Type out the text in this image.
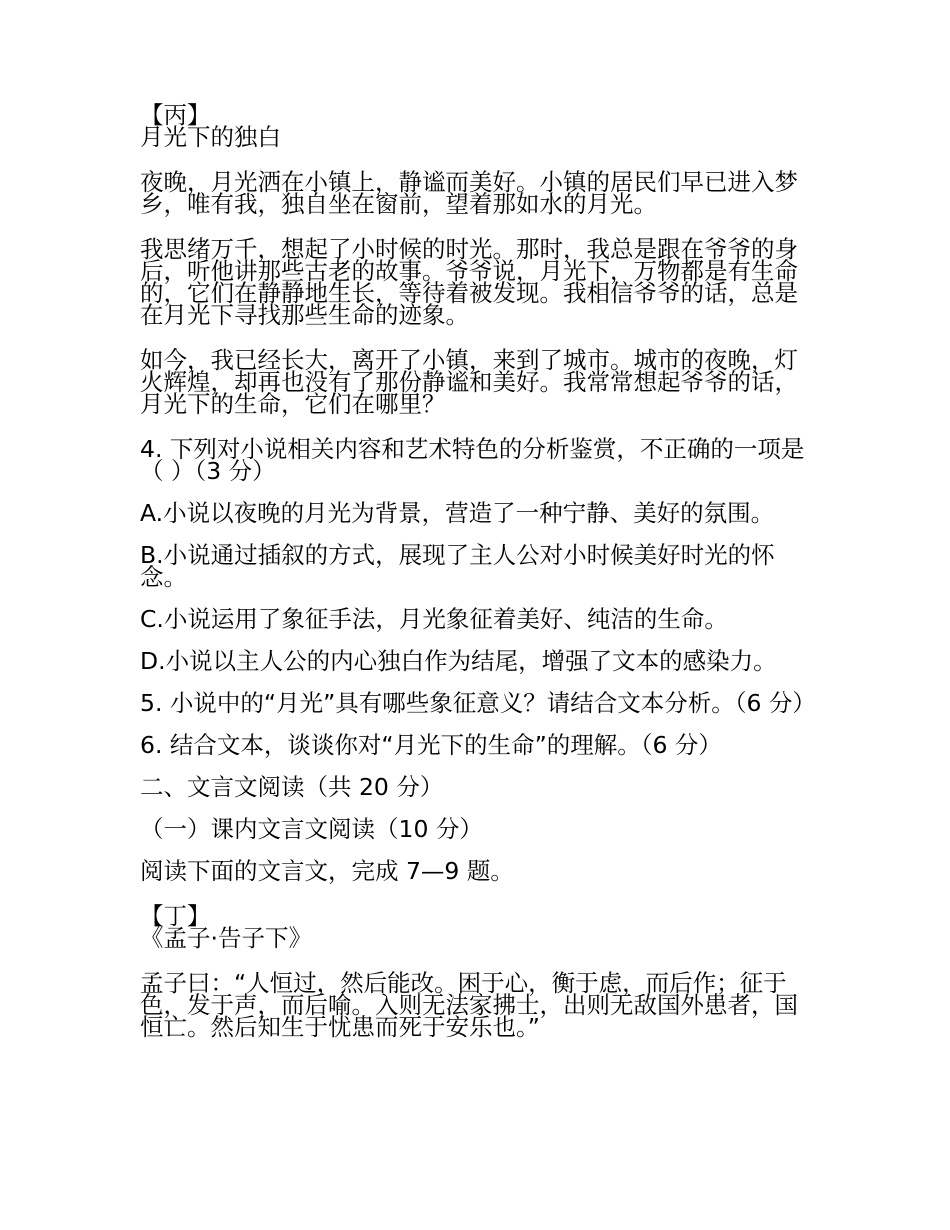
【丙】
月光下的独白
夜晚，月光洒在小镇上，静谧而美好。小镇的居民们早已进入梦乡，唯有我，独自坐在窗前，望着那如水的月光。
我思绪万千，想起了小时候的时光。那时，我总是跟在爷爷的身后，听他讲那些古老的故事。爷爷说，月光下，万物都是有生命的，它们在静静地生长，等待着被发现。我相信爷爷的话，总是在月光下寻找那些生命的迹象。
如今，我已经长大，离开了小镇，来到了城市。城市的夜晚，灯火辉煌，却再也没有了那份静谧和美好。我常常想起爷爷的话，月光下的生命，它们在哪里？
4. 下列对小说相关内容和艺术特色的分析鉴赏，不正确的一项是（ ）（3 分）
A.小说以夜晚的月光为背景，营造了一种宁静、美好的氛围。
B.小说通过插叙的方式，展现了主人公对小时候美好时光的怀念。
C.小说运用了象征手法，月光象征着美好、纯洁的生命。
D.小说以主人公的内心独白作为结尾，增强了文本的感染力。
5. 小说中的“月光”具有哪些象征意义？请结合文本分析。（6 分）
6. 结合文本，谈谈你对“月光下的生命”的理解。（6 分）
二、文言文阅读（共 20 分）
（一）课内文言文阅读（10 分）
阅读下面的文言文，完成 7—9 题。
【丁】
《孟子·告子下》
孟子曰：“人恒过，然后能改。困于心，衡于虑，而后作；征于色，发于声，而后喻。入则无法家拂士，出则无敌国外患者，国恒亡。然后知生于忧患而死于安乐也。”
